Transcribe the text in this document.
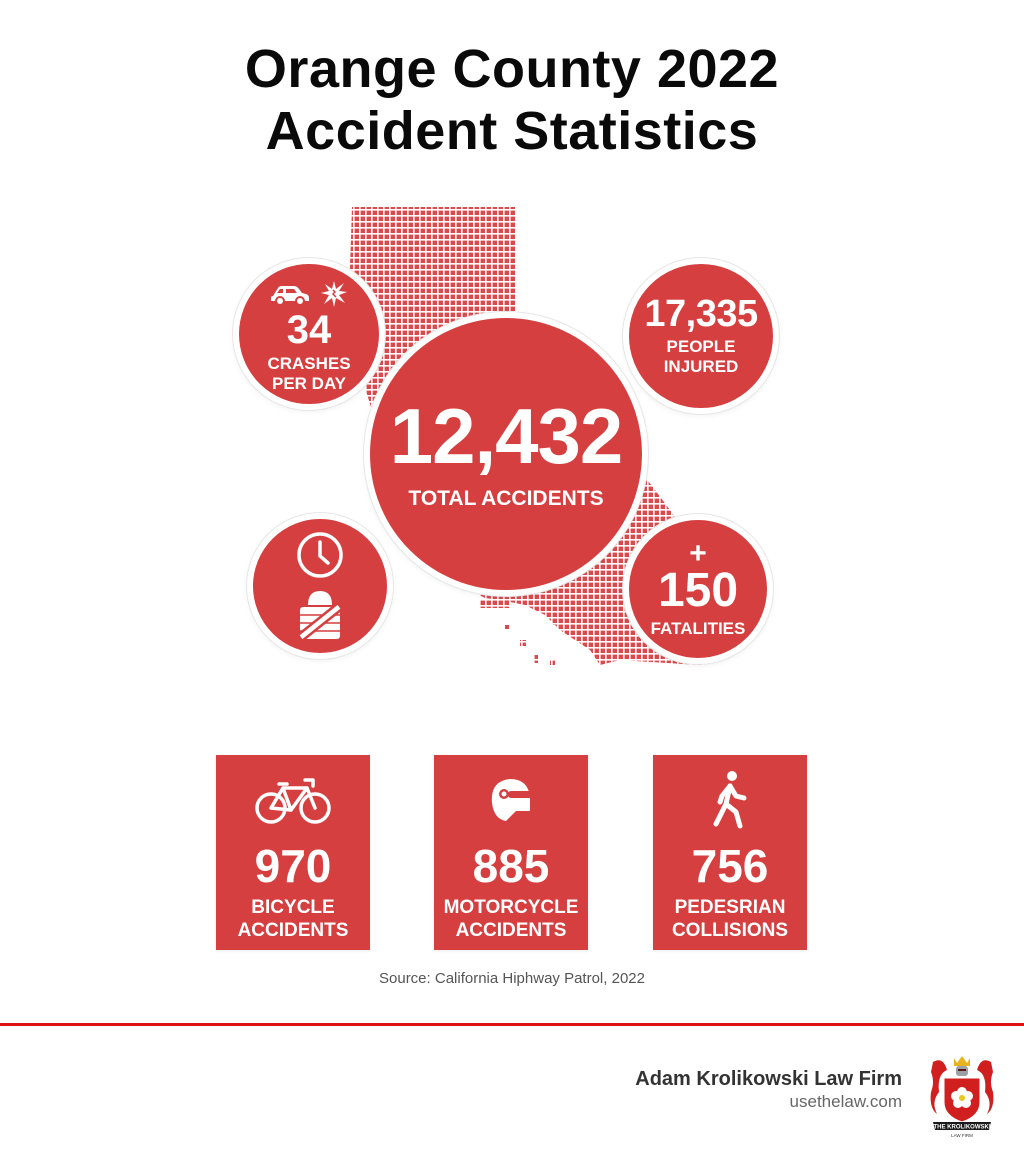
Orange County 2022
Accident Statistics
34
CRASHES
PER DAY
17,335
PEOPLE
INJURED
12,432
TOTAL ACCIDENTS
+
150
FATALITIES
970
BICYCLE
ACCIDENTS
885
MOTORCYCLE
ACCIDENTS
756
PEDESRIAN
COLLISIONS
Source: California Hiphway Patrol, 2022
Adam Krolikowski Law Firm
usethelaw.com
THE KROLIKOWSKI
LAW FIRM
